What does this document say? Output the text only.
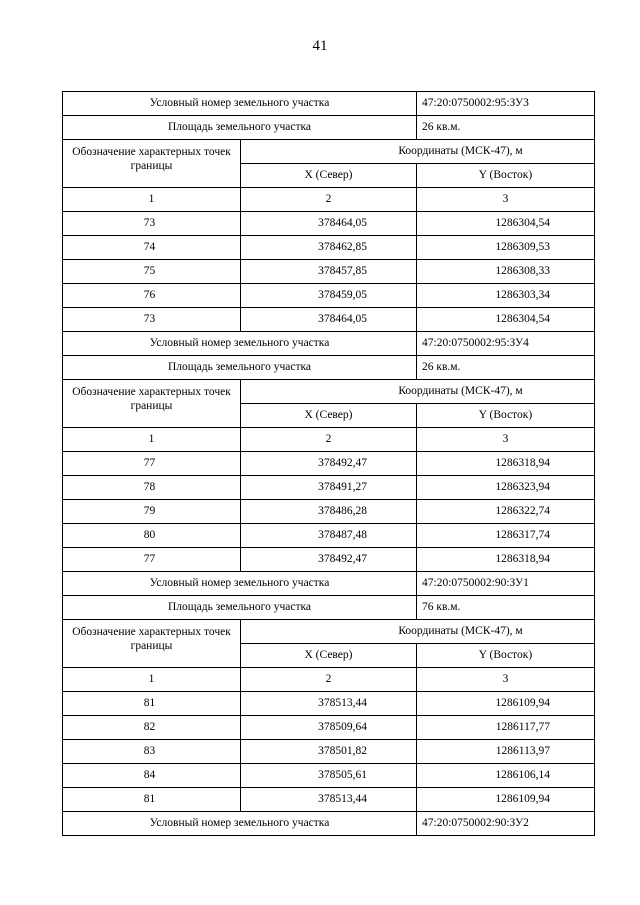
41
Условный номер земельного участка		47:20:0750002:95:ЗУ3
Площадь земельного участка		26 кв.м.
Обозначение характерных точек границы	Координаты (МСК-47), м	
	X (Север)	Y (Восток)
1	2	3
73	378464,05	1286304,54
74	378462,85	1286309,53
75	378457,85	1286308,33
76	378459,05	1286303,34
73	378464,05	1286304,54
Условный номер земельного участка		47:20:0750002:95:ЗУ4
Площадь земельного участка		26 кв.м.
Обозначение характерных точек границы	Координаты (МСК-47), м	
	X (Север)	Y (Восток)
1	2	3
77	378492,47	1286318,94
78	378491,27	1286323,94
79	378486,28	1286322,74
80	378487,48	1286317,74
77	378492,47	1286318,94
Условный номер земельного участка		47:20:0750002:90:ЗУ1
Площадь земельного участка		76 кв.м.
Обозначение характерных точек границы	Координаты (МСК-47), м	
	X (Север)	Y (Восток)
1	2	3
81	378513,44	1286109,94
82	378509,64	1286117,77
83	378501,82	1286113,97
84	378505,61	1286106,14
81	378513,44	1286109,94
Условный номер земельного участка		47:20:0750002:90:ЗУ2
